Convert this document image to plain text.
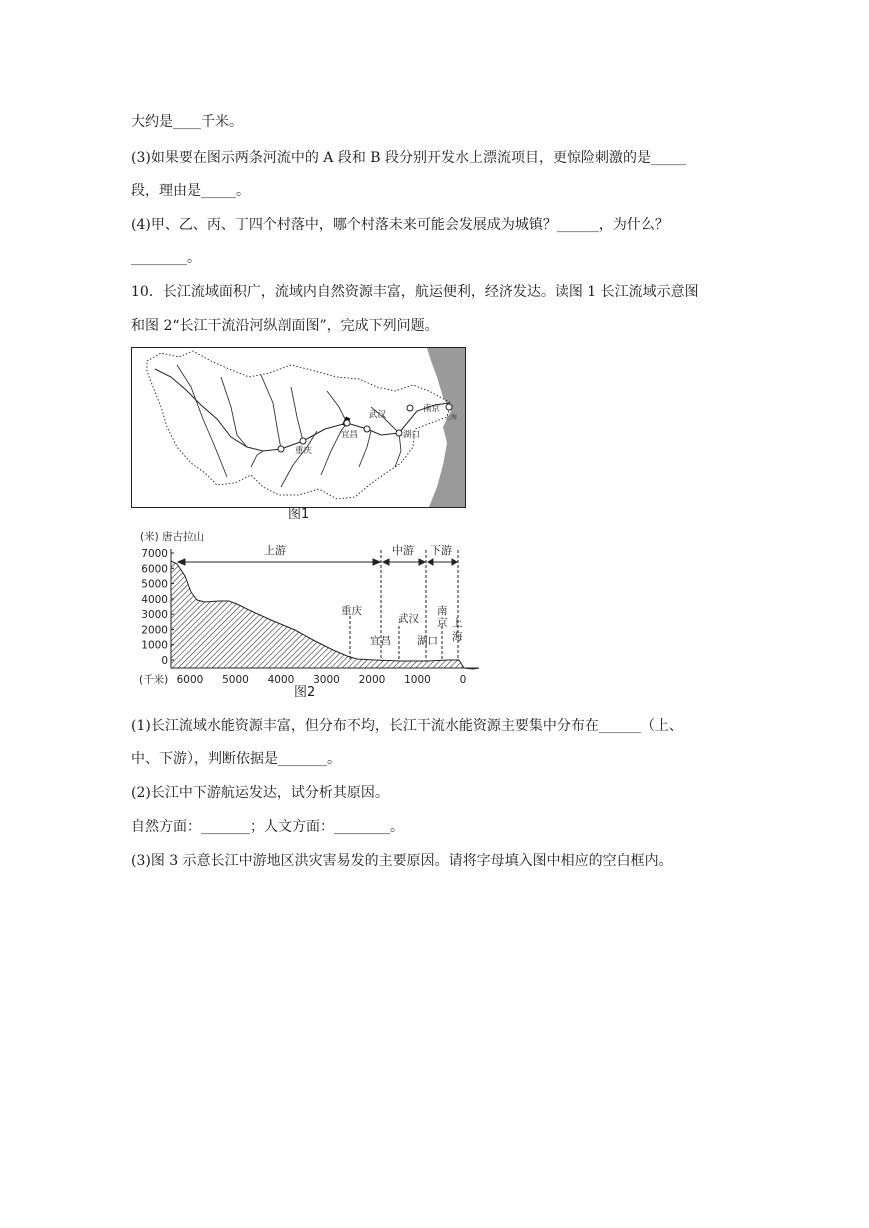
大约是____千米。
(3)如果要在图示两条河流中的 A 段和 B 段分别开发水上漂流项目，更惊险刺激的是_____
段，理由是_____。
(4)甲、乙、丙、丁四个村落中，哪个村落未来可能会发展成为城镇？______，为什么？
________。
10．长江流域面积广，流域内自然资源丰富，航运便利，经济发达。读图 1 长江流域示意图
和图 2“长江干流沿河纵剖面图”，完成下列问题。
重庆
宜昌
武汉
湖口
南京
上海
图1
(米) 唐古拉山
7000
6000
5000
4000
3000
2000
1000
0
6000 5000 4000 3000 2000 1000	0
(千米)
上游	中游 下游
重庆
宜昌
武汉
湖口
南
京 上
海
图2
(1)长江流域水能资源丰富，但分布不均，长江干流水能资源主要集中分布在______（上、
中、下游），判断依据是_______。
(2)长江中下游航运发达，试分析其原因。
自然方面：_______；人文方面：________。
(3)图 3 示意长江中游地区洪灾害易发的主要原因。请将字母填入图中相应的空白框内。
